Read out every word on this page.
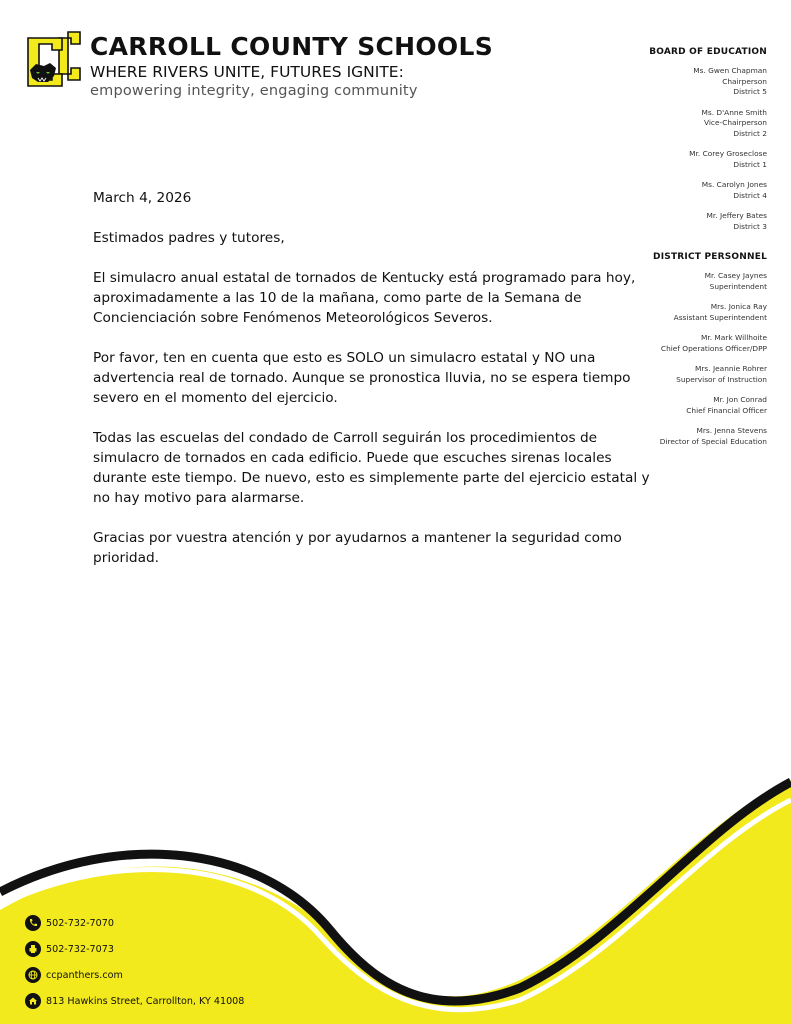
CARROLL COUNTY SCHOOLS
WHERE RIVERS UNITE, FUTURES IGNITE:
empowering integrity, engaging community
BOARD OF EDUCATION
Ms. Gwen Chapman
Chairperson
District 5
Ms. D'Anne Smith
Vice-Chairperson
District 2
Mr. Corey Groseclose
District 1
Ms. Carolyn Jones
District 4
Mr. Jeffery Bates
District 3
DISTRICT PERSONNEL
Mr. Casey Jaynes
Superintendent
Mrs. Jonica Ray
Assistant Superintendent
Mr. Mark Willhoite
Chief Operations Officer/DPP
Mrs. Jeannie Rohrer
Supervisor of Instruction
Mr. Jon Conrad
Chief Financial Officer
Mrs. Jenna Stevens
Director of Special Education

March 4, 2026

Estimados padres y tutores,

El simulacro anual estatal de tornados de Kentucky está programado para hoy, aproximadamente a las 10 de la mañana, como parte de la Semana de Concienciación sobre Fenómenos Meteorológicos Severos.

Por favor, ten en cuenta que esto es SOLO un simulacro estatal y NO una advertencia real de tornado. Aunque se pronostica lluvia, no se espera tiempo severo en el momento del ejercicio.

Todas las escuelas del condado de Carroll seguirán los procedimientos de simulacro de tornados en cada edificio. Puede que escuches sirenas locales durante este tiempo. De nuevo, esto es simplemente parte del ejercicio estatal y no hay motivo para alarmarse.

Gracias por vuestra atención y por ayudarnos a mantener la seguridad como prioridad.

502-732-7070
502-732-7073
ccpanthers.com
813 Hawkins Street, Carrollton, KY 41008
